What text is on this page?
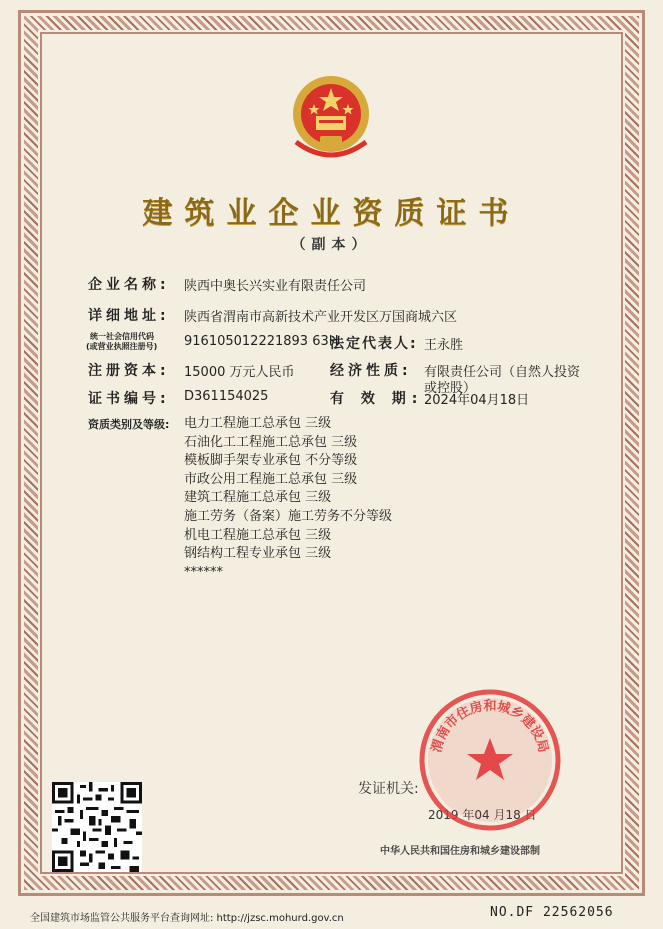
建筑业企业资质证书
（副本）
企业名称: 陕西中奥长兴实业有限责任公司
详细地址: 陕西省渭南市高新技术产业开发区万国商城六区
统一社会信用代码
(或营业执照注册号) 916105012221893 63H
法定代表人: 王永胜
注册资本: 15000 万元人民币	经济性质: 有限责任公司（自然人投资
或控股）
证书编号: D361154025	有 效 期: 2024年04月18日
资质类别及等级: 电力工程施工总承包 三级
石油化工工程施工总承包 三级
模板脚手架专业承包 不分等级
市政公用工程施工总承包 三级
建筑工程施工总承包 三级
施工劳务（备案）施工劳务不分等级
机电工程施工总承包 三级
钢结构工程专业承包 三级
******
发证机关:
2019 年04 月18 日
中华人民共和国住房和城乡建设部制
渭南市住房和城乡建设局
全国建筑市场监管公共服务平台查询网址: http://jzsc.mohurd.gov.cn	NO.DF 22562056
